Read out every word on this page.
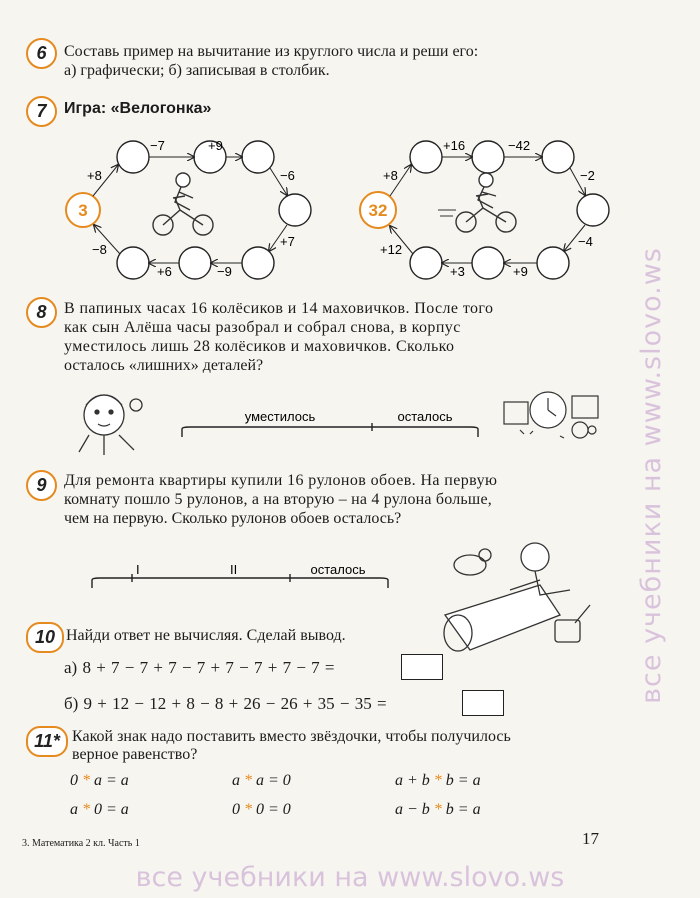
6	Составь пример на вычитание из круглого числа и реши его:
а) графически; б) записывая в столбик.
7	Игра: «Велогонка»
3
+8
−7	+9
−6
+7
−9
+6
−8
32
+8
+16	−42
−2
−4
+9
+3
+12
8	В папиных часах 16 колёсиков и 14 маховичков. После того
как сын Алёша часы разобрал и собрал снова, в корпус
уместилось лишь 28 колёсиков и маховичков. Сколько
осталось «лишних» деталей?
уместилось	осталось
9	Для ремонта квартиры купили 16 рулонов обоев. На первую
комнату пошло 5 рулонов, а на вторую – на 4 рулона больше,
чем на первую. Сколько рулонов обоев осталось?
I	II	осталось
10 Найди ответ не вычисляя. Сделай вывод.
а) 8 + 7 − 7 + 7 − 7 + 7 − 7 + 7 − 7 =
б) 9 + 12 − 12 + 8 − 8 + 26 − 26 + 35 − 35 =
11* Какой знак надо поставить вместо звёздочки, чтобы получилось
верное равенство?
0 * a = a	a * a = 0	a + b * b = a
a * 0 = a	0 * 0 = 0	a − b * b = a
3. Математика 2 кл. Часть 1	17
все учебники на www.slovo.ws
все учебники на www.slovo.ws
